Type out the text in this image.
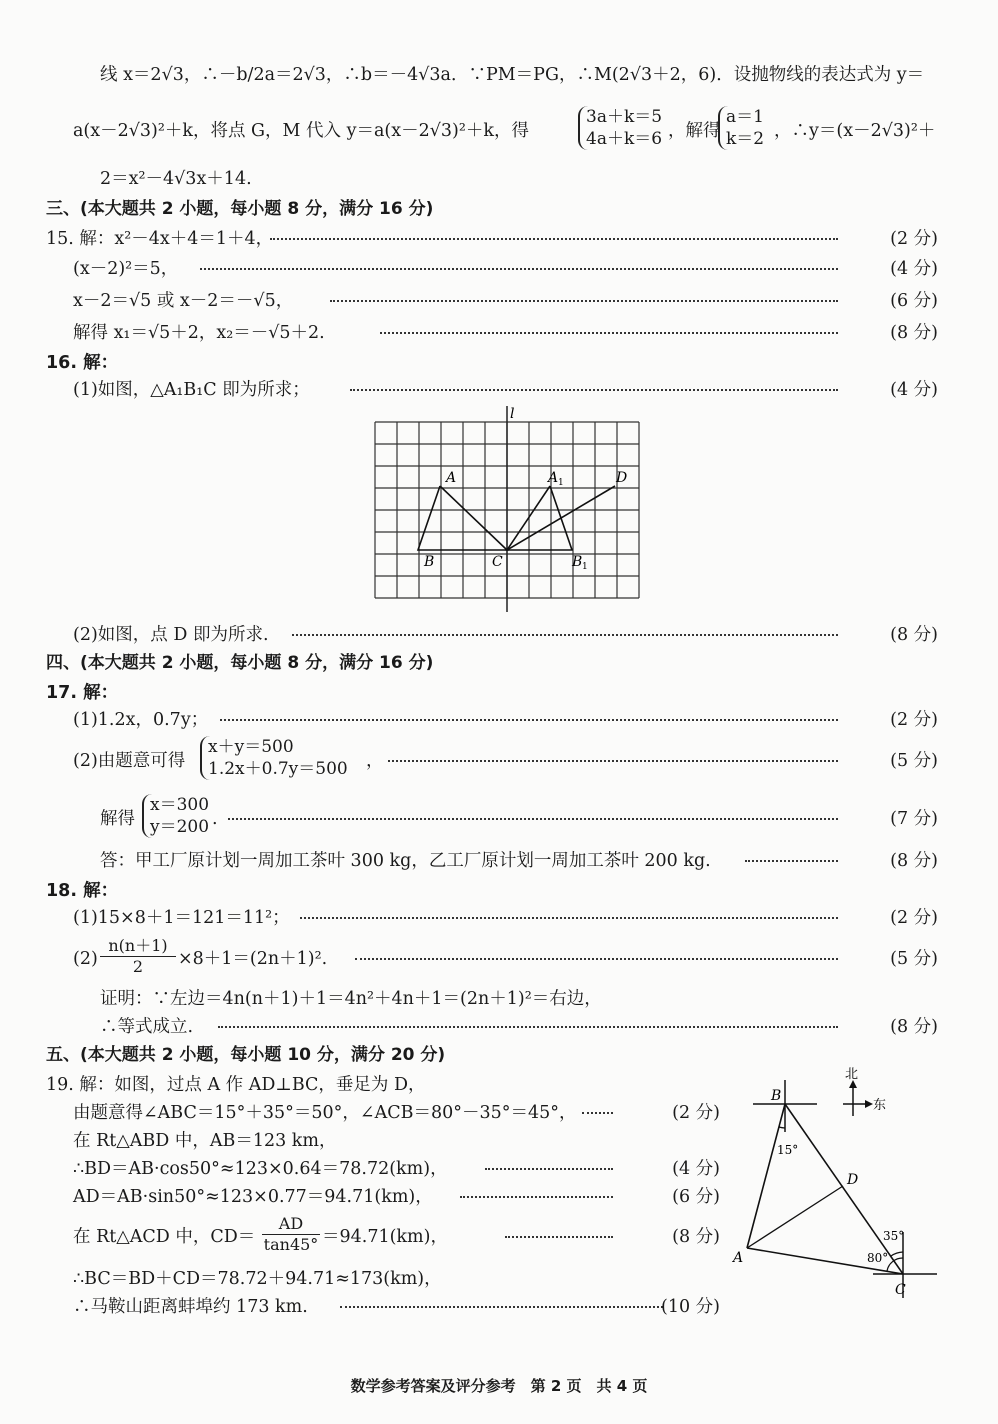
线 x＝2√3，∴－b/2a＝2√3，∴b＝－4√3a．∵PM＝PG，∴M(2√3＋2，6)．设抛物线的表达式为 y＝
a(x－2√3)²＋k，将点 G，M 代入 y＝a(x－2√3)²＋k，得
3a＋k＝5
4a＋k＝6 ，解得
a＝1
k＝2 ，∴y＝(x－2√3)²＋
2＝x²－4√3x＋14.
三、(本大题共 2 小题，每小题 8 分，满分 16 分)
15. 解：x²－4x＋4＝1＋4，	(2 分)
(x－2)²＝5，	(4 分)
x－2＝√5 或 x－2＝－√5，	(6 分)
解得 x₁＝√5＋2，x₂＝－√5＋2.	(8 分)
16. 解：
(1)如图，△A₁B₁C 即为所求；	(4 分)
l
A	A 1	D
B	C	B 1
(2)如图，点 D 即为所求.	(8 分)
四、(本大题共 2 小题，每小题 8 分，满分 16 分)
17. 解：
(1)1.2x，0.7y；	(2 分)
(2)由题意可得	，	(5 分)
x＋y＝500
1.2x＋0.7y＝500
解得	.	(7 分)
x＝300
y＝200
答：甲工厂原计划一周加工茶叶 300 kg，乙工厂原计划一周加工茶叶 200 kg.	(8 分)
18. 解：
(1)15×8＋1＝121＝11²；	(2 分)
(2)	×8＋1＝(2n＋1)².	(5 分)
$\frac{n(n+1)}{2}$
证明：∵左边＝4n(n＋1)＋1＝4n²＋4n＋1＝(2n＋1)²＝右边，
∴等式成立.	(8 分)
五、(本大题共 2 小题，每小题 10 分，满分 20 分)
19. 解：如图，过点 A 作 AD⊥BC，垂足为 D，
由题意得∠ABC＝15°＋35°＝50°，∠ACB＝80°－35°＝45°，	(2 分)
在 Rt△ABD 中，AB＝123 km，
∴BD＝AB·cos50°≈123×0.64＝78.72(km)，	(4 分)
AD＝AB·sin50°≈123×0.77＝94.71(km)，	(6 分)
在 Rt△ACD 中，CD＝	＝94.71(km)，	(8 分)
$\frac{AD}{\tan 45^\circ}$
∴BC＝BD＋CD＝78.72＋94.71≈173(km)，
∴马鞍山距离蚌埠约 173 km.	(10 分)
北
东
B
D
A
C
15°
35°
80°
数学参考答案及评分参考　第 2 页　共 4 页
